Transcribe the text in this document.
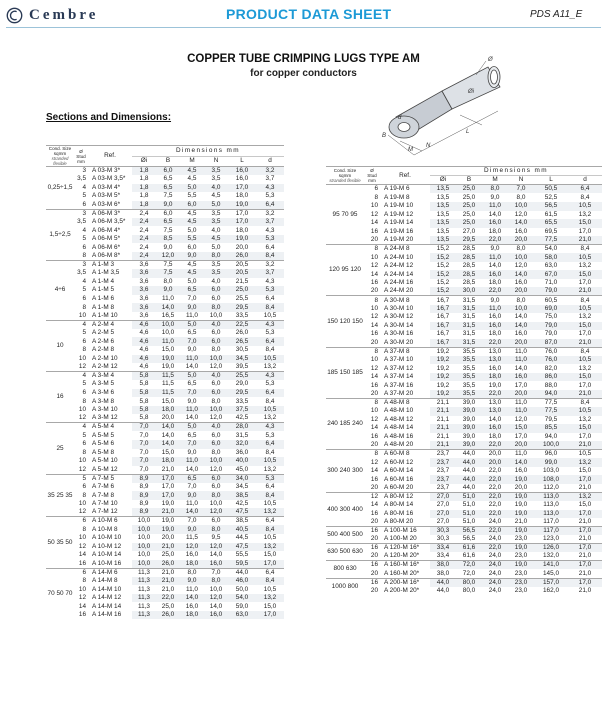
Cembre	PRODUCT DATA SHEET	PDS A11_E
COPPER TUBE CRIMPING LUGS TYPE AM
for copper conductors
Sections and Dimensions:
Ø
Øi
B
M
N
L
d
Cond. Size
sqmm
stranded flexible	Ø
Stud
mm	Ref.	Dimensions mm					
			Øi	B	M	N	L	d
0,25÷1,5	3	A 03-M 3*	1,8	6,0	4,5	3,5	16,0	3,2
	3,5	A 03-M 3,5*	1,8	6,5	4,5	3,5	16,0	3,7
	4	A 03-M 4*	1,8	6,5	5,0	4,0	17,0	4,3
	5	A 03-M 5*	1,8	7,5	5,5	4,5	18,0	5,3
	6	A 03-M 6*	1,8	9,0	6,0	5,0	19,0	6,4
1,5÷2,5	3	A 06-M 3*	2,4	6,0	4,5	3,5	17,0	3,2
	3,5	A 06-M 3,5*	2,4	6,5	4,5	3,5	17,0	3,7
	4	A 06-M 4*	2,4	7,5	5,0	4,0	18,0	4,3
	5	A 06-M 5*	2,4	8,5	5,5	4,5	19,0	5,3
	6	A 06-M 6*	2,4	9,0	6,0	5,0	20,0	6,4
	8	A 06-M 8*	2,4	12,0	9,0	8,0	26,0	8,4
4÷6	3	A 1-M 3	3,6	7,5	4,5	3,5	20,5	3,2
	3,5	A 1-M 3,5	3,6	7,5	4,5	3,5	20,5	3,7
	4	A 1-M 4	3,6	8,0	5,0	4,0	21,5	4,3
	5	A 1-M 5	3,6	9,0	6,5	6,0	25,0	5,3
	6	A 1-M 6	3,6	11,0	7,0	6,0	25,5	6,4
	8	A 1-M 8	3,6	14,0	9,0	8,0	29,5	8,4
	10	A 1-M 10	3,6	16,5	11,0	10,0	33,5	10,5
10	4	A 2-M 4	4,6	10,0	5,0	4,0	22,5	4,3
	5	A 2-M 5	4,6	10,0	6,5	6,0	26,0	5,3
	6	A 2-M 6	4,6	11,0	7,0	6,0	26,5	6,4
	8	A 2-M 8	4,6	15,0	9,0	8,0	30,5	8,4
	10	A 2-M 10	4,6	19,0	11,0	10,0	34,5	10,5
	12	A 2-M 12	4,6	19,0	14,0	12,0	39,5	13,2
16	4	A 3-M 4	5,8	11,5	5,0	4,0	25,5	4,3
	5	A 3-M 5	5,8	11,5	6,5	6,0	29,0	5,3
	6	A 3-M 6	5,8	11,5	7,0	6,0	29,5	6,4
	8	A 3-M 8	5,8	15,0	9,0	8,0	33,5	8,4
	10	A 3-M 10	5,8	18,0	11,0	10,0	37,5	10,5
	12	A 3-M 12	5,8	20,0	14,0	12,0	42,5	13,2
25	4	A 5-M 4	7,0	14,0	5,0	4,0	28,0	4,3
	5	A 5-M 5	7,0	14,0	6,5	6,0	31,5	5,3
	6	A 5-M 6	7,0	14,0	7,0	6,0	32,0	6,4
	8	A 5-M 8	7,0	15,0	9,0	8,0	36,0	8,4
	10	A 5-M 10	7,0	18,0	11,0	10,0	40,0	10,5
	12	A 5-M 12	7,0	21,0	14,0	12,0	45,0	13,2
35 25 35	5	A 7-M 5	8,9	17,0	6,5	6,0	34,0	5,3
	6	A 7-M 6	8,9	17,0	7,0	6,0	34,5	6,4
	8	A 7-M 8	8,9	17,0	9,0	8,0	38,5	8,4
	10	A 7-M 10	8,9	19,0	11,0	10,0	42,5	10,5
	12	A 7-M 12	8,9	21,0	14,0	12,0	47,5	13,2
50 35 50	6	A 10-M 6	10,0	19,0	7,0	6,0	38,5	6,4
	8	A 10-M 8	10,0	19,0	9,0	8,0	40,5	8,4
	10	A 10-M 10	10,0	20,0	11,5	9,5	44,5	10,5
	12	A 10-M 12	10,0	21,0	12,0	12,0	47,5	13,2
	14	A 10-M 14	10,0	25,0	16,0	14,0	55,5	15,0
	16	A 10-M 16	10,0	26,0	18,0	16,0	59,5	17,0
70 50 70	6	A 14-M 6	11,3	21,0	8,0	7,0	44,0	6,4
	8	A 14-M 8	11,3	21,0	9,0	8,0	46,0	8,4
	10	A 14-M 10	11,3	21,0	11,0	10,0	50,0	10,5
	12	A 14-M 12	11,3	22,0	14,0	12,0	54,0	13,2
	14	A 14-M 14	11,3	25,0	16,0	14,0	59,0	15,0
	16	A 14-M 16	11,3	26,0	18,0	16,0	63,0	17,0
Cond. Size
sqmm
stranded flexible	Ø
Stud
mm	Ref.	Dimensions mm					
			Øi	B	M	N	L	d
95 70 95	6	A 19-M 6	13,5	25,0	8,0	7,0	50,5	6,4
	8	A 19-M 8	13,5	25,0	9,0	8,0	52,5	8,4
	10	A 19-M 10	13,5	25,0	11,0	10,0	56,5	10,5
	12	A 19-M 12	13,5	25,0	14,0	12,0	61,5	13,2
	14	A 19-M 14	13,5	25,0	16,0	14,0	65,5	15,0
	16	A 19-M 16	13,5	27,0	18,0	16,0	69,5	17,0
	20	A 19-M 20	13,5	29,5	22,0	20,0	77,5	21,0
120 95 120	8	A 24-M 8	15,2	28,5	9,0	8,0	54,0	8,4
	10	A 24-M 10	15,2	28,5	11,0	10,0	58,0	10,5
	12	A 24-M 12	15,2	28,5	14,0	12,0	63,0	13,2
	14	A 24-M 14	15,2	28,5	16,0	14,0	67,0	15,0
	16	A 24-M 16	15,2	28,5	18,0	16,0	71,0	17,0
	20	A 24-M 20	15,2	30,0	22,0	20,0	79,0	21,0
150 120 150	8	A 30-M 8	16,7	31,5	9,0	8,0	60,5	8,4
	10	A 30-M 10	16,7	31,5	11,0	10,0	69,0	10,5
	12	A 30-M 12	16,7	31,5	16,0	14,0	75,0	13,2
	14	A 30-M 14	16,7	31,5	16,0	14,0	79,0	15,0
	16	A 30-M 16	16,7	31,5	18,0	16,0	79,0	17,0
	20	A 30-M 20	16,7	31,5	22,0	20,0	87,0	21,0
185 150 185	8	A 37-M 8	19,2	35,5	13,0	11,0	76,0	8,4
	10	A 37-M 10	19,2	35,5	13,0	11,0	76,0	10,5
	12	A 37-M 12	19,2	35,5	16,0	14,0	82,0	13,2
	14	A 37-M 14	19,2	35,5	18,0	16,0	86,0	15,0
	16	A 37-M 16	19,2	35,5	19,0	17,0	88,0	17,0
	20	A 37-M 20	19,2	35,5	22,0	20,0	94,0	21,0
240 185 240	8	A 48-M 8	21,1	39,0	13,0	11,0	77,5	8,4
	10	A 48-M 10	21,1	39,0	13,0	11,0	77,5	10,5
	12	A 48-M 12	21,1	39,0	14,0	12,0	79,5	13,2
	14	A 48-M 14	21,1	39,0	16,0	15,0	85,5	15,0
	16	A 48-M 16	21,1	39,0	18,0	17,0	94,0	17,0
	20	A 48-M 20	21,1	39,0	22,0	20,0	100,0	21,0
300 240 300	8	A 60-M 8	23,7	44,0	20,0	11,0	96,0	10,5
	12	A 60-M 12	23,7	44,0	20,0	14,0	99,0	13,2
	14	A 60-M 14	23,7	44,0	22,0	16,0	103,0	15,0
	16	A 60-M 16	23,7	44,0	22,0	19,0	108,0	17,0
	20	A 60-M 20	23,7	44,0	22,0	20,0	112,0	21,0
400 300 400	12	A 80-M 12	27,0	51,0	22,0	19,0	113,0	13,2
	14	A 80-M 14	27,0	51,0	22,0	19,0	113,0	15,0
	16	A 80-M 16	27,0	51,0	22,0	19,0	113,0	17,0
	20	A 80-M 20	27,0	51,0	24,0	21,0	117,0	21,0
500 400 500	16	A 100-M 16	30,3	56,5	22,0	19,0	117,0	17,0
	20	A 100-M 20	30,3	56,5	24,0	23,0	123,0	21,0
630 500 630	16	A 120-M 16*	33,4	61,6	22,0	19,0	126,0	17,0
	20	A 120-M 20*	33,4	61,6	24,0	23,0	132,0	21,0
800 630	16	A 160-M 16*	38,0	72,0	24,0	19,0	141,0	17,0
	20	A 160-M 20*	38,0	72,0	24,0	23,0	145,0	21,0
1000 800	16	A 200-M 16*	44,0	80,0	24,0	23,0	157,0	17,0
	20	A 200-M 20*	44,0	80,0	24,0	23,0	162,0	21,0
